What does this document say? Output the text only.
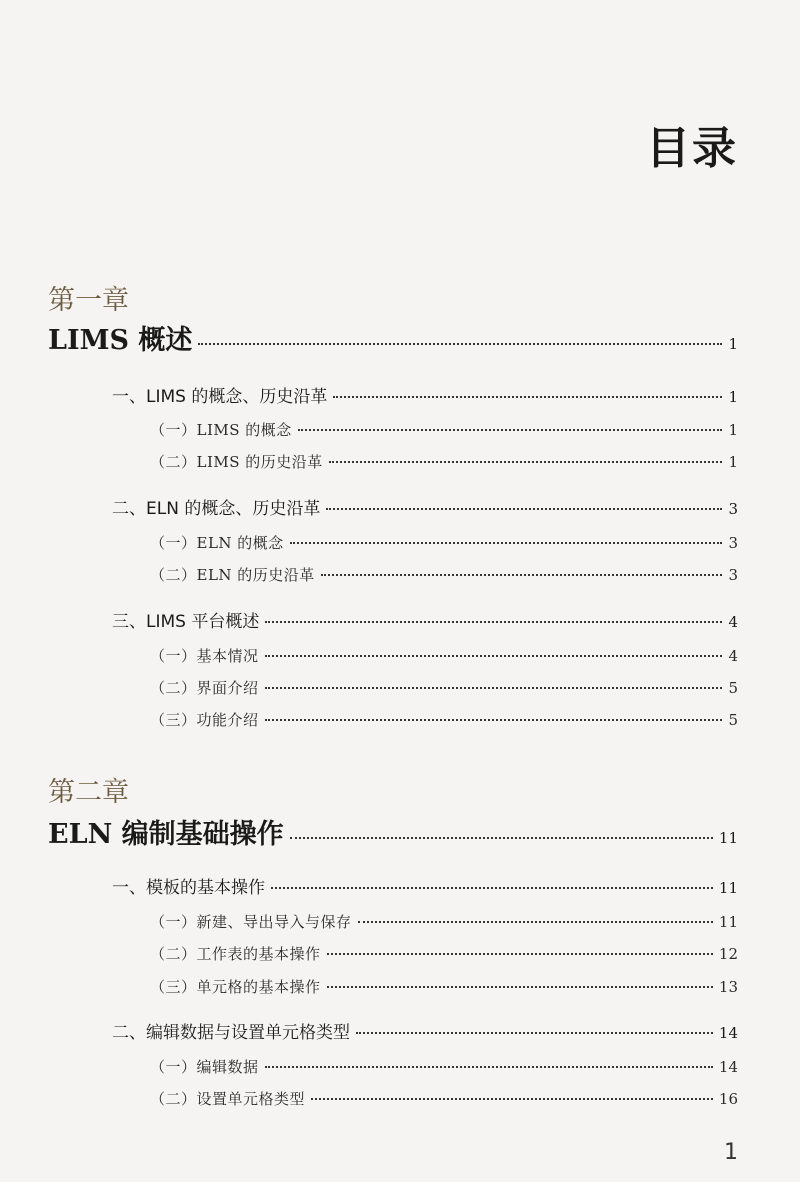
目录
第一章
LIMS 概述	1
一、LIMS 的概念、历史沿革	1
（一）LIMS 的概念	1
（二）LIMS 的历史沿革	1
二、ELN 的概念、历史沿革	3
（一）ELN 的概念	3
（二）ELN 的历史沿革	3
三、LIMS 平台概述	4
（一）基本情况	4
（二）界面介绍	5
（三）功能介绍	5
第二章
ELN 编制基础操作	11
一、模板的基本操作	11
（一）新建、导出导入与保存	11
（二）工作表的基本操作	12
（三）单元格的基本操作	13
二、编辑数据与设置单元格类型	14
（一）编辑数据	14
（二）设置单元格类型	16
1
